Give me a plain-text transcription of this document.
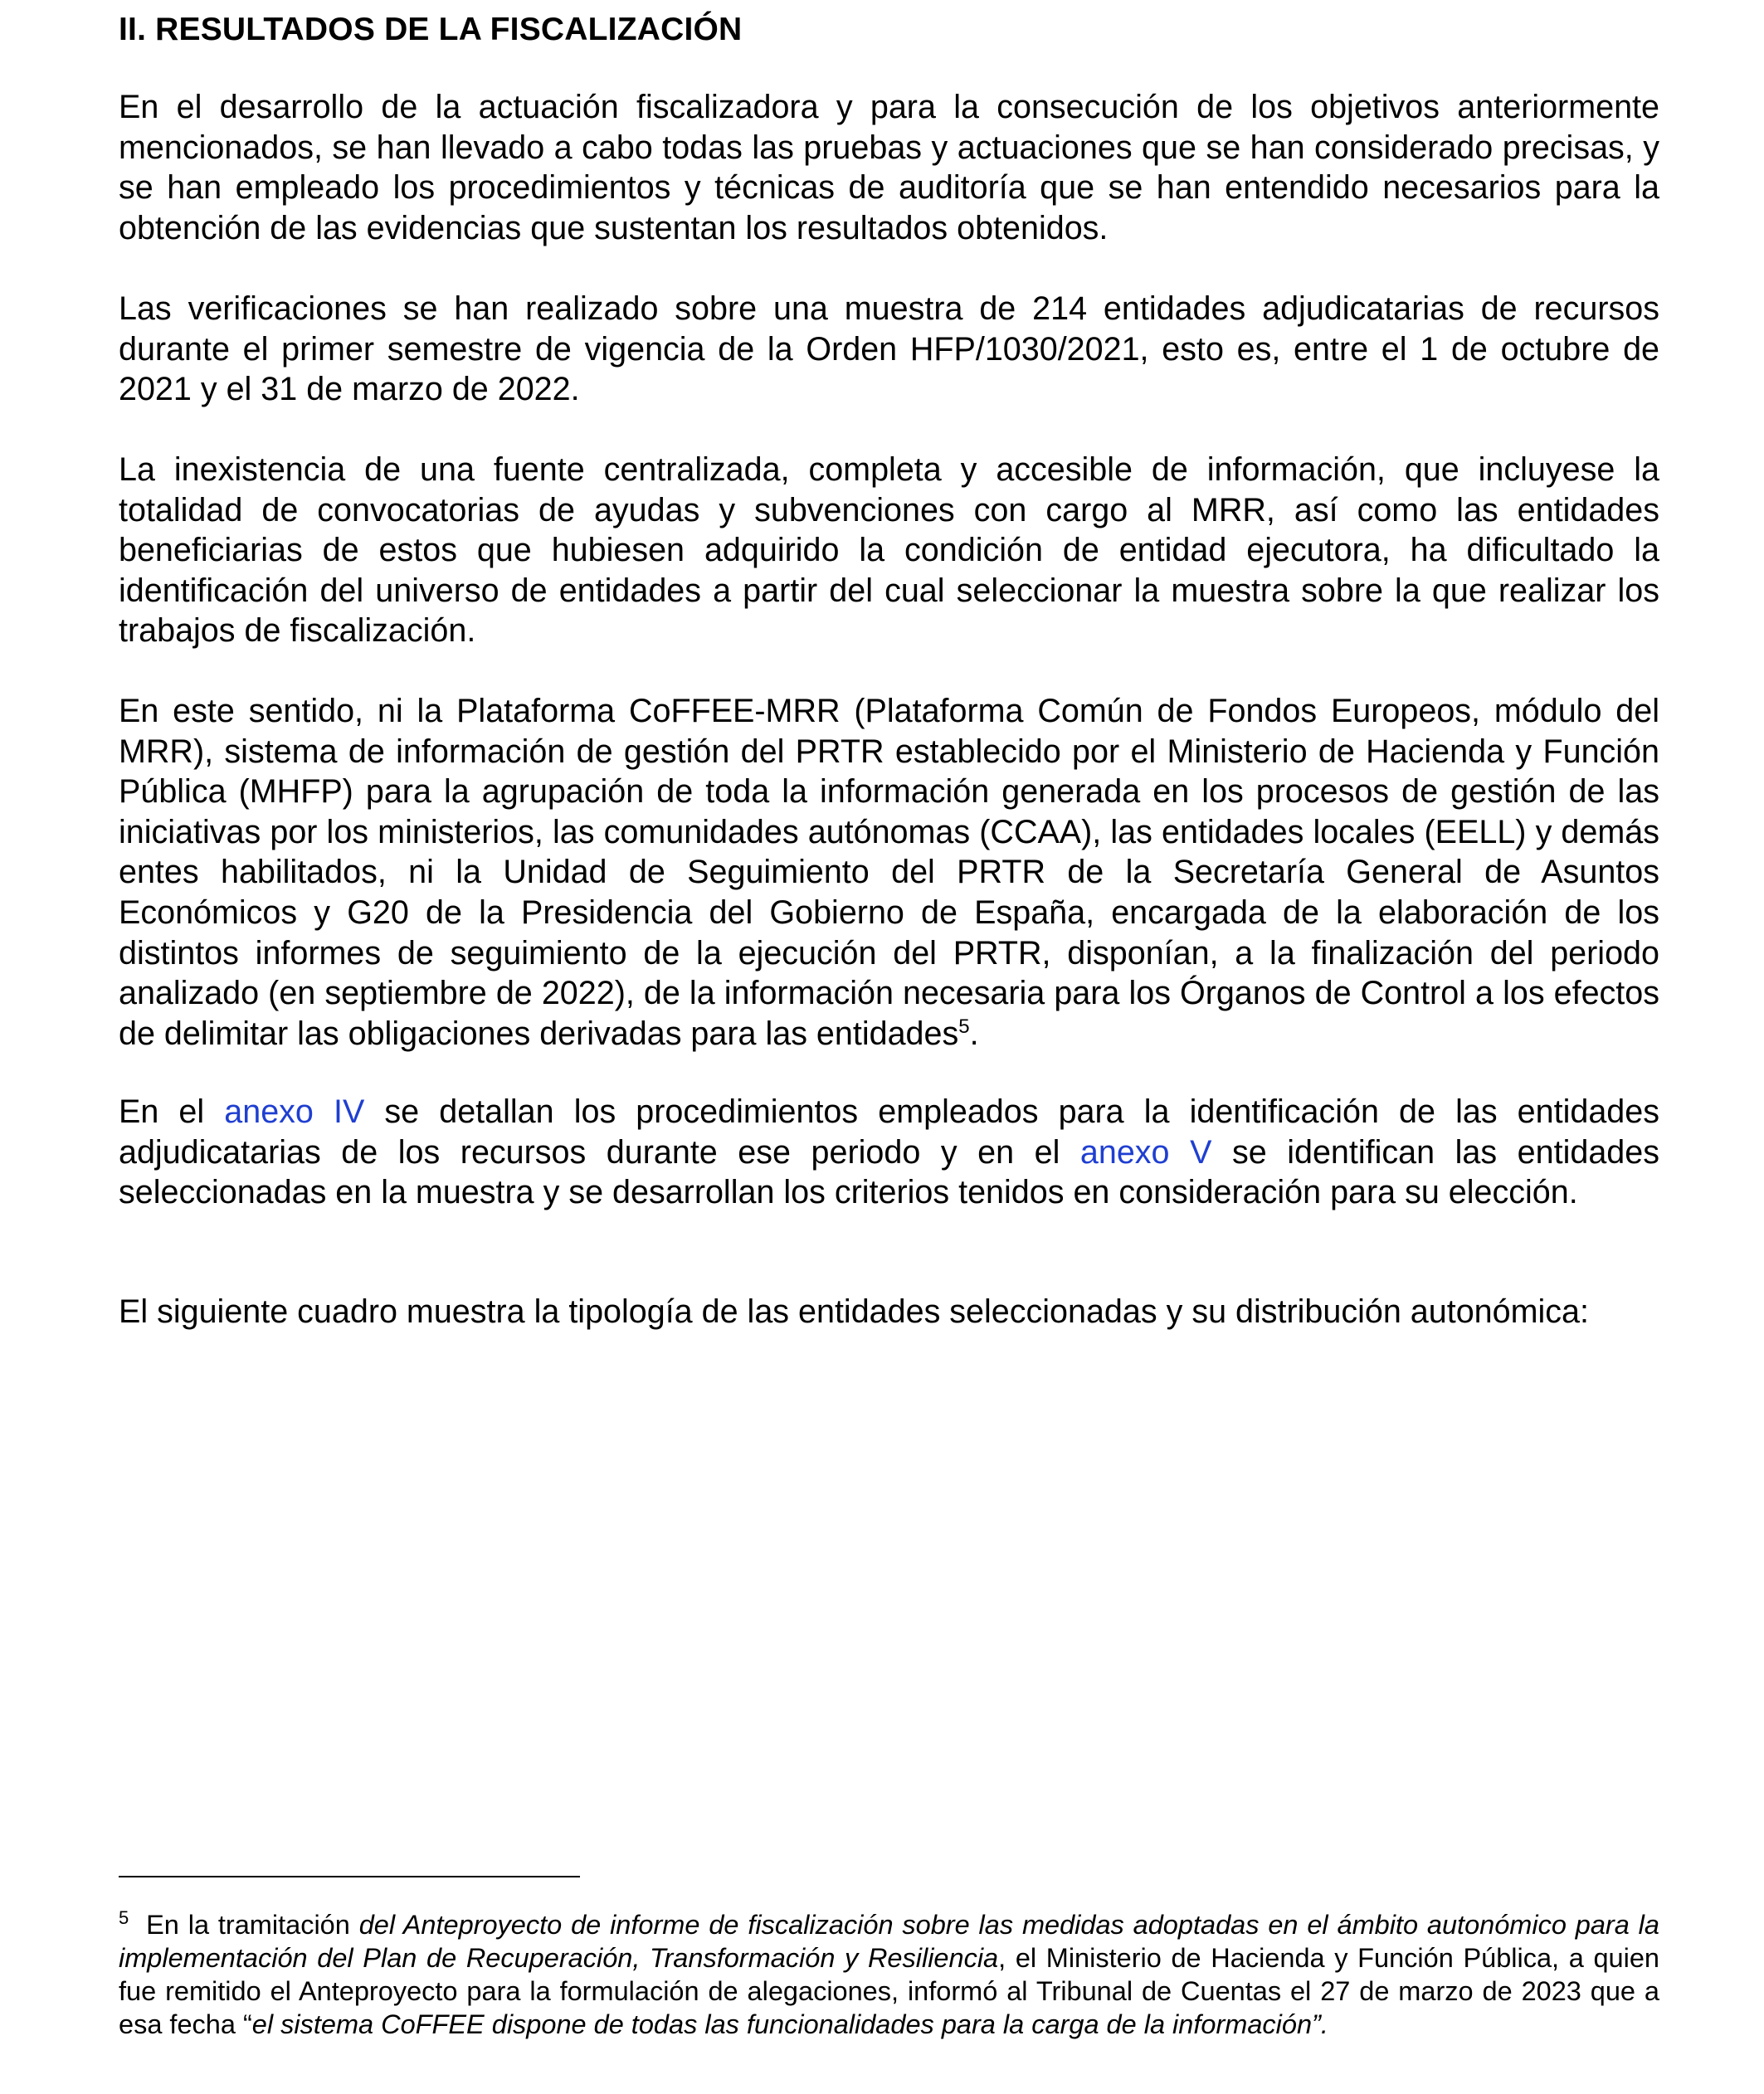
II. RESULTADOS DE LA FISCALIZACIÓN

En el desarrollo de la actuación fiscalizadora y para la consecución de los objetivos anteriormente mencionados, se han llevado a cabo todas las pruebas y actuaciones que se han considerado precisas, y se han empleado los procedimientos y técnicas de auditoría que se han entendido necesarios para la obtención de las evidencias que sustentan los resultados obtenidos.

Las verificaciones se han realizado sobre una muestra de 214 entidades adjudicatarias de recursos durante el primer semestre de vigencia de la Orden HFP/1030/2021, esto es, entre el 1 de octubre de 2021 y el 31 de marzo de 2022.

La inexistencia de una fuente centralizada, completa y accesible de información, que incluyese la totalidad de convocatorias de ayudas y subvenciones con cargo al MRR, así como las entidades beneficiarias de estos que hubiesen adquirido la condición de entidad ejecutora, ha dificultado la identificación del universo de entidades a partir del cual seleccionar la muestra sobre la que realizar los trabajos de fiscalización.

En este sentido, ni la Plataforma CoFFEE-MRR (Plataforma Común de Fondos Europeos, módulo del MRR), sistema de información de gestión del PRTR establecido por el Ministerio de Hacienda y Función Pública (MHFP) para la agrupación de toda la información generada en los procesos de gestión de las iniciativas por los ministerios, las comunidades autónomas (CCAA), las entidades locales (EELL) y demás entes habilitados, ni la Unidad de Seguimiento del PRTR de la Secretaría General de Asuntos Económicos y G20 de la Presidencia del Gobierno de España, encargada de la elaboración de los distintos informes de seguimiento de la ejecución del PRTR, disponían, a la finalización del periodo analizado (en septiembre de 2022), de la información necesaria para los Órganos de Control a los efectos de delimitar las obligaciones derivadas para las entidades$^5$.

En el anexo IV se detallan los procedimientos empleados para la identificación de las entidades adjudicatarias de los recursos durante ese periodo y en el anexo V se identifican las entidades seleccionadas en la muestra y se desarrollan los criterios tenidos en consideración para su elección.

El siguiente cuadro muestra la tipología de las entidades seleccionadas y su distribución autonómica:

$^5$ En la tramitación del Anteproyecto de informe de fiscalización sobre las medidas adoptadas en el ámbito autonómico para la implementación del Plan de Recuperación, Transformación y Resiliencia, el Ministerio de Hacienda y Función Pública, a quien fue remitido el Anteproyecto para la formulación de alegaciones, informó al Tribunal de Cuentas el 27 de marzo de 2023 que a esa fecha “el sistema CoFFEE dispone de todas las funcionalidades para la carga de la información”.
